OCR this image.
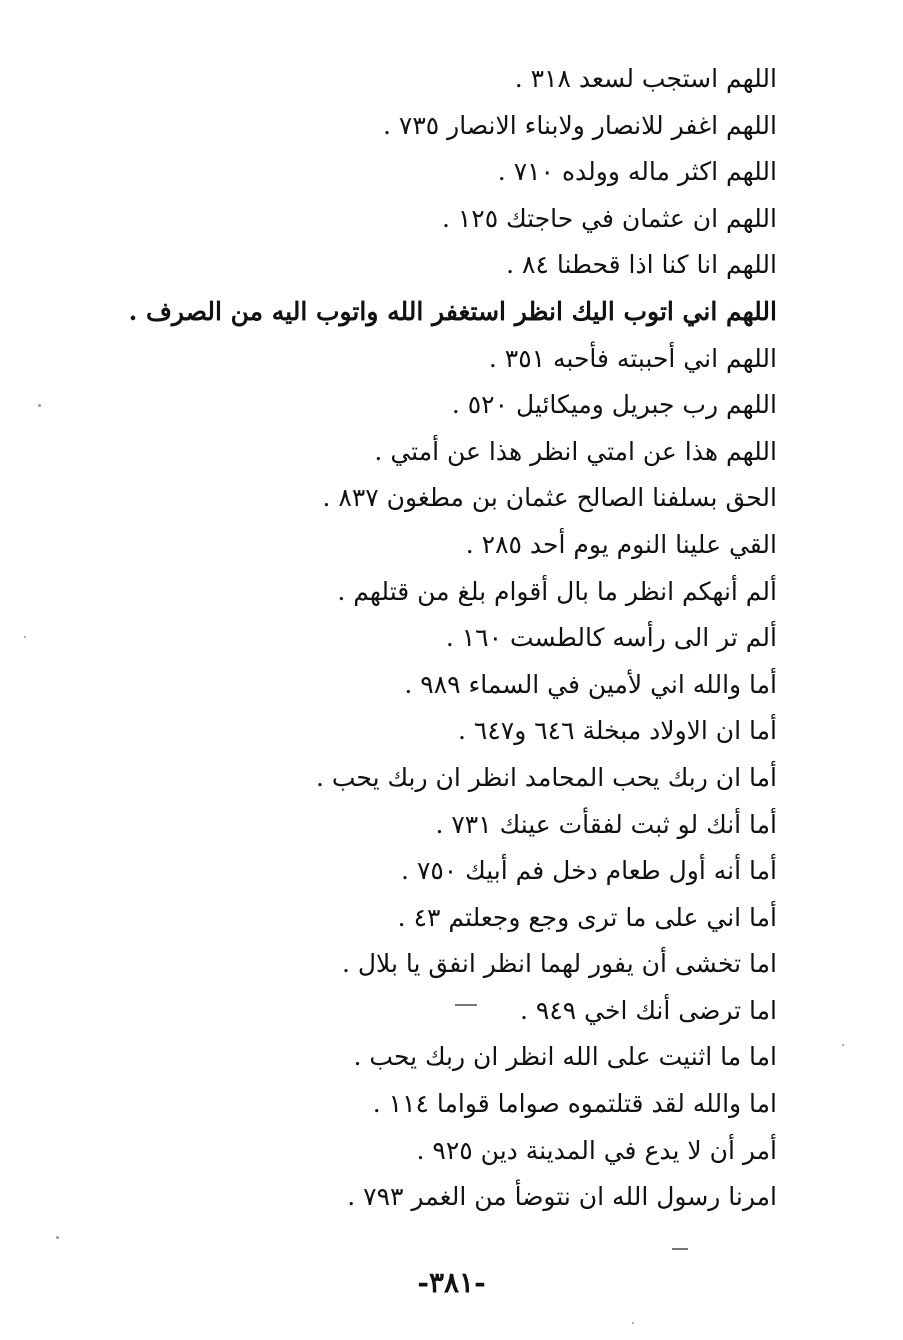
اللهم استجب لسعد ٣١٨ .
اللهم اغفر للانصار ولابناء الانصار ٧٣٥ .
اللهم اكثر ماله وولده ٧١٠ .
اللهم ان عثمان في حاجتك ١٢٥ .
اللهم انا كنا اذا قحطنا ٨٤ .
اللهم اني اتوب اليك انظر استغفر الله واتوب اليه من الصرف .
اللهم اني أحببته فأحبه ٣٥١ .
اللهم رب جبريل وميكائيل ٥٢٠ .
اللهم هذا عن امتي انظر هذا عن أمتي .
الحق بسلفنا الصالح عثمان بن مطغون ٨٣٧ .
القي علينا النوم يوم أحد ٢٨٥ .
ألم أنهكم انظر ما بال أقوام بلغ من قتلهم .
ألم تر الى رأسه كالطست ١٦٠ .
أما والله اني لأمين في السماء ٩٨٩ .
أما ان الاولاد مبخلة ٦٤٦ و٦٤٧ .
أما ان ربك يحب المحامد انظر ان ربك يحب .
أما أنك لو ثبت لفقأت عينك ٧٣١ .
أما أنه أول طعام دخل فم أبيك ٧٥٠ .
أما اني على ما ترى وجع وجعلتم ٤٣ .
اما تخشى أن يفور لهما انظر انفق يا بلال .
اما ترضى أنك اخي ٩٤٩ .
اما ما اثنيت على الله انظر ان ربك يحب .
اما والله لقد قتلتموه صواما قواما ١١٤ .
أمر أن لا يدع في المدينة دين ٩٢٥ .
امرنا رسول الله ان نتوضأ من الغمر ٧٩٣ .
-٣٨١-
